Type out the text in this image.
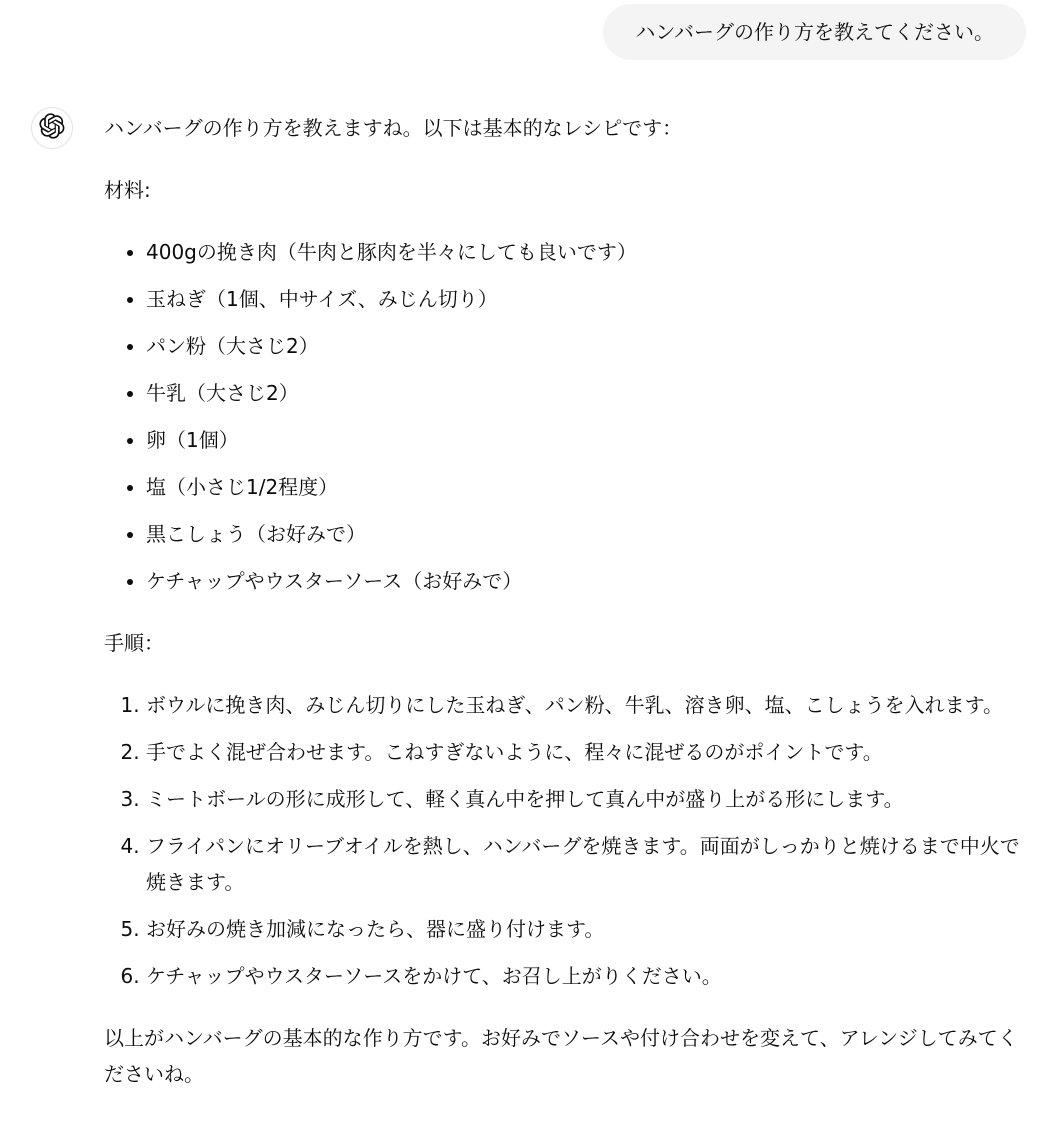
ハンバーグの作り方を教えてください。

ハンバーグの作り方を教えますね。以下は基本的なレシピです：

材料:

• 400gの挽き肉（牛肉と豚肉を半々にしても良いです）
• 玉ねぎ（1個、中サイズ、みじん切り）
• パン粉（大さじ2）
• 牛乳（大さじ2）
• 卵（1個）
• 塩（小さじ1/2程度）
• 黒こしょう（お好みで）
• ケチャップやウスターソース（お好みで）

手順：

1. ボウルに挽き肉、みじん切りにした玉ねぎ、パン粉、牛乳、溶き卵、塩、こしょうを入れます。
2. 手でよく混ぜ合わせます。こねすぎないように、程々に混ぜるのがポイントです。
3. ミートボールの形に成形して、軽く真ん中を押して真ん中が盛り上がる形にします。
4. フライパンにオリーブオイルを熱し、ハンバーグを焼きます。両面がしっかりと焼けるまで中火で焼きます。
5. お好みの焼き加減になったら、器に盛り付けます。
6. ケチャップやウスターソースをかけて、お召し上がりください。

以上がハンバーグの基本的な作り方です。お好みでソースや付け合わせを変えて、アレンジしてみてくださいね。
